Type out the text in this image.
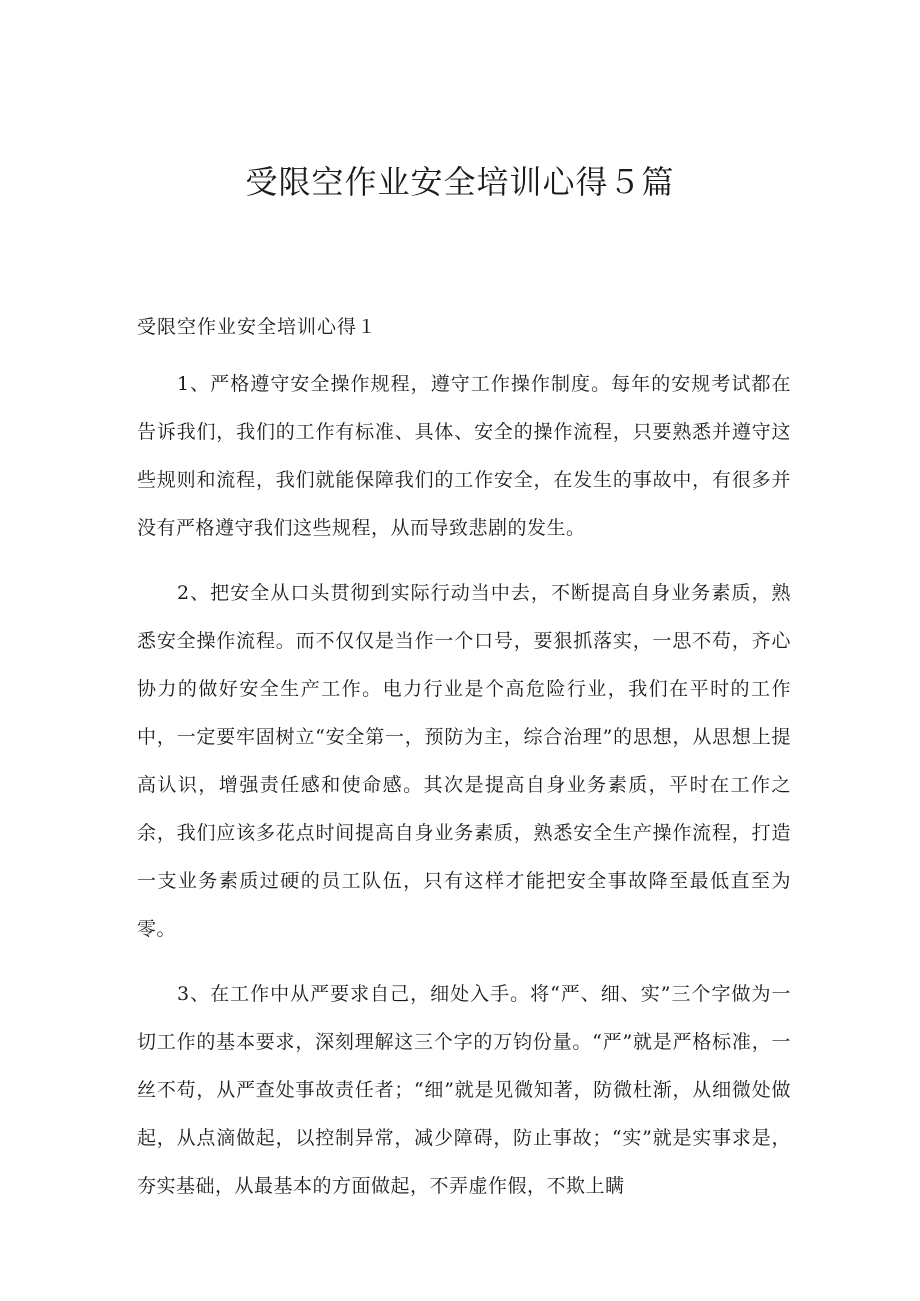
受限空作业安全培训心得５篇
受限空作业安全培训心得１

1、严格遵守安全操作规程，遵守工作操作制度。每年的安规考试都在告诉我们，我们的工作有标准、具体、安全的操作流程，只要熟悉并遵守这些规则和流程，我们就能保障我们的工作安全，在发生的事故中，有很多并没有严格遵守我们这些规程，从而导致悲剧的发生。

2、把安全从口头贯彻到实际行动当中去，不断提高自身业务素质，熟悉安全操作流程。而不仅仅是当作一个口号，要狠抓落实，一思不苟，齐心协力的做好安全生产工作。电力行业是个高危险行业，我们在平时的工作中，一定要牢固树立“安全第一，预防为主，综合治理”的思想，从思想上提高认识，增强责任感和使命感。其次是提高自身业务素质，平时在工作之余，我们应该多花点时间提高自身业务素质，熟悉安全生产操作流程，打造一支业务素质过硬的员工队伍，只有这样才能把安全事故降至最低直至为零。

3、在工作中从严要求自己，细处入手。将“严、细、实”三个字做为一切工作的基本要求，深刻理解这三个字的万钧份量。“严”就是严格标准，一丝不苟，从严查处事故责任者；“细”就是见微知著，防微杜渐，从细微处做起，从点滴做起，以控制异常，减少障碍，防止事故；“实”就是实事求是，夯实基础，从最基本的方面做起，不弄虚作假，不欺上瞒
